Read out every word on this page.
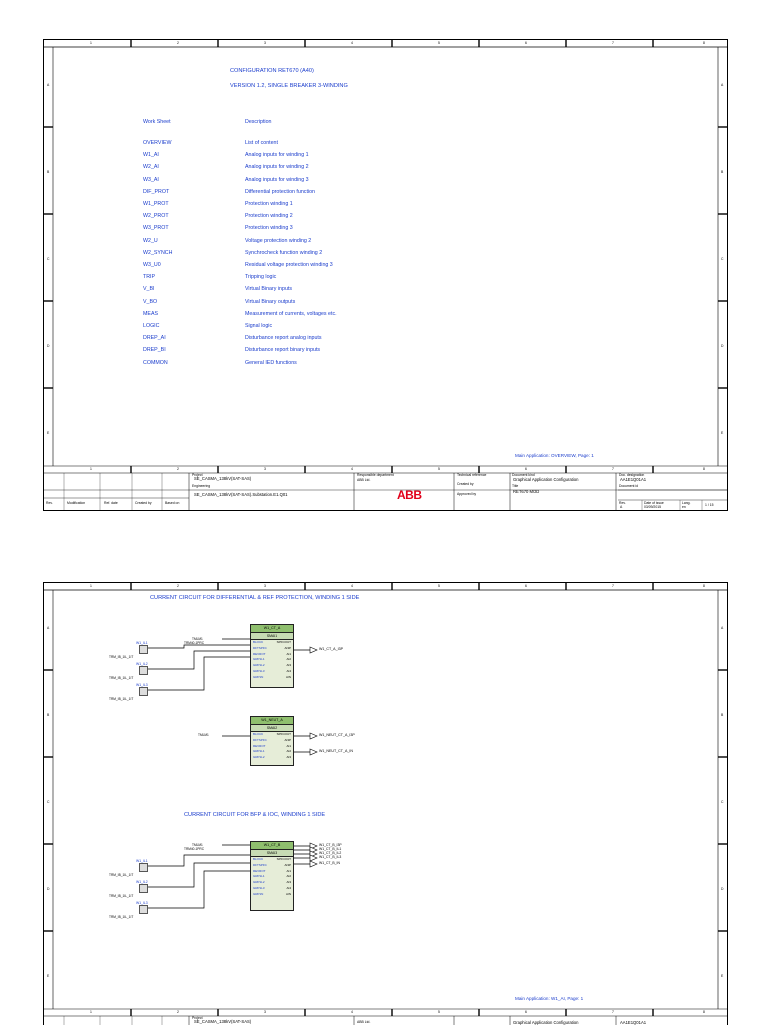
1	2	3	4	5	6	7	8
1	2	3	4	5	6	7	8
A
B
C
D
E
A
B
C
D
E
CONFIGURATION RET670 (A40)
VERSION 1.2, SINGLE BREAKER 3-WINDING
Work Sheet	Description
OVERVIEW	List of content
W1_AI	Analog inputs for winding 1
W2_AI	Analog inputs for winding 2
W3_AI	Analog inputs for winding 3
DIF_PROT	Differential protection function
W1_PROT	Protection winding 1
W2_PROT	Protection winding 2
W3_PROT	Protection winding 3
W2_U	Voltage protection winding 2
W2_SYNCH	Synchrocheck function winding 2
W3_U0	Residual voltage protection winding 3
TRIP	Tripping logic
V_BI	Virtual Binary inputs
V_BO	Virtual Binary outputs
MEAS	Measurement of currents, voltages etc.
LOGIC	Signal logic
DREP_AI	Disturbance report analog inputs
DREP_BI	Disturbance report binary inputs
COMMON	General IED functions
Main Application: OVERVIEW, Page: 1
Project
SE_CASMA_138kV(SAT-SAS)
Engineering
SE_CASMA_138kV(SAT-SAS).Substation.E1.Q01
Responsible department
ABB Ltd.
ABB
Technical reference
Created by
Approved by
Document kind
Graphical Application Configuration
Title
RET670 MOD
Doc. designation
AA1E1Q01A1
Document id
Rev.
A
Date of issue
03/09/2015
Lang.
en	1 / 15
Rev.	Modification	Ref. date	Created by	Based on
1	2	3	4	5	6	7	8
1	2	3	4	5	6	7	8
A
B
C
D
E
A
B
C
D
E
CURRENT CIRCUIT FOR DIFFERENTIAL & REF PROTECTION, WINDING 1 SIDE
CURRENT CIRCUIT FOR BFP & IOC, WINDING 1 SIDE
W1_CT_A
SMAI1
BLOCK	SPFCOUT
DFTSPFC	AI3P
REVROT	AI1
GRP1L1	AI2
GRP1L2	AI3
GRP1L3	AI4
GRP1N	AIN
W1_CT_A_I3P
W1_NEUT_A
SMAI2
BLOCK	SPFCOUT
DFTSPFC	AI3P
REVROT	AI1
GRP1L1	AI2
GRP1L2	AI3
W1_NEUT_CT_A_I3P
W1_NEUT_CT_A_IN
W1_CT_B
SMAI3
BLOCK	SPFCOUT
DFTSPFC	AI3P
REVROT	AI1
GRP1L1	AI2
GRP1L2	AI3
GRP1L3	AI4
GRP1N	AIN
W1_CT_B_I3P
W1_CT_B_IL1
W1_CT_B_IL2
W1_CT_B_IL3
W1_CT_B_IN
W1_IL1
TRM_IB_1IL_1IT
W1_IL2
TRM_IB_1IL_1IT
W1_IL3
TRM_IB_1IL_1IT
TMLM1
TRM40-1PRC
TMLM1
W1_IL1
TRM_IB_1IL_1IT
W1_IL2
TRM_IB_1IL_1IT
W1_IL3
TRM_IB_1IL_1IT
TMLM1
TRM40-1PRC
Main Application: W1_AI, Page: 1
Project
SE_CASMA_138kV(SAT-SAS)	ABB Ltd.	Graphical Application Configuration	AA1E1Q01A1
